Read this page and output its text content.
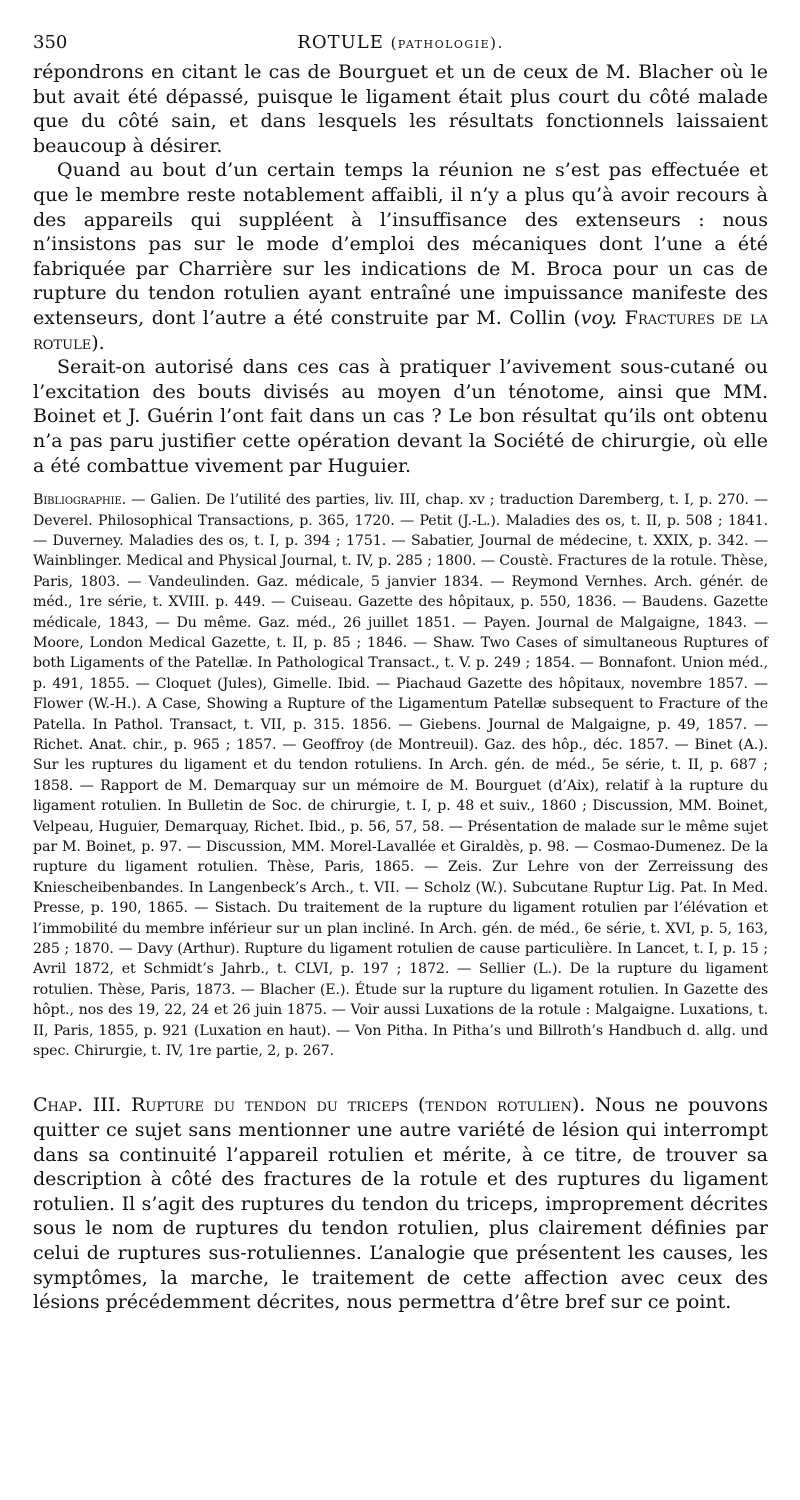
350	ROTULE (pathologie).

répondrons en citant le cas de Bourguet et un de ceux de M. Blacher où le but avait été dépassé, puisque le ligament était plus court du côté malade que du côté sain, et dans lesquels les résultats fonctionnels laissaient beaucoup à désirer.

Quand au bout d’un certain temps la réunion ne s’est pas effectuée et que le membre reste notablement affaibli, il n’y a plus qu’à avoir recours à des appareils qui suppléent à l’insuffisance des extenseurs : nous n’insistons pas sur le mode d’emploi des mécaniques dont l’une a été fabriquée par Charrière sur les indications de M. Broca pour un cas de rupture du tendon rotulien ayant entraîné une impuissance manifeste des extenseurs, dont l’autre a été construite par M. Collin (voy. Fractures de la rotule).

Serait-on autorisé dans ces cas à pratiquer l’avivement sous-cutané ou l’excitation des bouts divisés au moyen d’un ténotome, ainsi que MM. Boinet et J. Guérin l’ont fait dans un cas ? Le bon résultat qu’ils ont obtenu n’a pas paru justifier cette opération devant la Société de chirurgie, où elle a été combattue vivement par Huguier.

Bibliographie. — Galien. De l’utilité des parties, liv. III, chap. xv ; traduction Daremberg, t. I, p. 270. — Deverel. Philosophical Transactions, p. 365, 1720. — Petit (J.-L.). Maladies des os, t. II, p. 508 ; 1841. — Duverney. Maladies des os, t. I, p. 394 ; 1751. — Sabatier, Journal de médecine, t. XXIX, p. 342. — Wainblinger. Medical and Physical Journal, t. IV, p. 285 ; 1800. — Coustè. Fractures de la rotule. Thèse, Paris, 1803. — Vandeulinden. Gaz. médicale, 5 janvier 1834. — Reymond Vernhes. Arch. génér. de méd., 1re série, t. XVIII. p. 449. — Cuiseau. Gazette des hôpitaux, p. 550, 1836. — Baudens. Gazette médicale, 1843, — Du même. Gaz. méd., 26 juillet 1851. — Payen. Journal de Malgaigne, 1843. — Moore, London Medical Gazette, t. II, p. 85 ; 1846. — Shaw. Two Cases of simultaneous Ruptures of both Ligaments of the Patellæ. In Pathological Transact., t. V. p. 249 ; 1854. — Bonnafont. Union méd., p. 491, 1855. — Cloquet (Jules), Gimelle. Ibid. — Piachaud Gazette des hôpitaux, novembre 1857. — Flower (W.-H.). A Case, Showing a Rupture of the Ligamentum Patellæ subsequent to Fracture of the Patella. In Pathol. Transact, t. VII, p. 315. 1856. — Giebens. Journal de Malgaigne, p. 49, 1857. — Richet. Anat. chir., p. 965 ; 1857. — Geoffroy (de Montreuil). Gaz. des hôp., déc. 1857. — Binet (A.). Sur les ruptures du ligament et du tendon rotuliens. In Arch. gén. de méd., 5e série, t. II, p. 687 ; 1858. — Rapport de M. Demarquay sur un mémoire de M. Bourguet (d’Aix), relatif à la rupture du ligament rotulien. In Bulletin de Soc. de chirurgie, t. I, p. 48 et suiv., 1860 ; Discussion, MM. Boinet, Velpeau, Huguier, Demarquay, Richet. Ibid., p. 56, 57, 58. — Présentation de malade sur le même sujet par M. Boinet, p. 97. — Discussion, MM. Morel-Lavallée et Giraldès, p. 98. — Cosmao-Dumenez. De la rupture du ligament rotulien. Thèse, Paris, 1865. — Zeis. Zur Lehre von der Zerreissung des Kniescheibenbandes. In Langenbeck’s Arch., t. VII. — Scholz (W.). Subcutane Ruptur Lig. Pat. In Med. Presse, p. 190, 1865. — Sistach. Du traitement de la rupture du ligament rotulien par l’élévation et l’immobilité du membre inférieur sur un plan incliné. In Arch. gén. de méd., 6e série, t. XVI, p. 5, 163, 285 ; 1870. — Davy (Arthur). Rupture du ligament rotulien de cause particulière. In Lancet, t. I, p. 15 ; Avril 1872, et Schmidt’s Jahrb., t. CLVI, p. 197 ; 1872. — Sellier (L.). De la rupture du ligament rotulien. Thèse, Paris, 1873. — Blacher (E.). Étude sur la rupture du ligament rotulien. In Gazette des hôpt., nos des 19, 22, 24 et 26 juin 1875. — Voir aussi Luxations de la rotule : Malgaigne. Luxations, t. II, Paris, 1855, p. 921 (Luxation en haut). — Von Pitha. In Pitha’s und Billroth’s Handbuch d. allg. und spec. Chirurgie, t. IV, 1re partie, 2, p. 267.

Chap. III. Rupture du tendon du triceps (tendon rotulien). Nous ne pouvons quitter ce sujet sans mentionner une autre variété de lésion qui interrompt dans sa continuité l’appareil rotulien et mérite, à ce titre, de trouver sa description à côté des fractures de la rotule et des ruptures du ligament rotulien. Il s’agit des ruptures du tendon du triceps, improprement décrites sous le nom de ruptures du tendon rotulien, plus clairement définies par celui de ruptures sus-rotuliennes. L’analogie que présentent les causes, les symptômes, la marche, le traitement de cette affection avec ceux des lésions précédemment décrites, nous permettra d’être bref sur ce point.
